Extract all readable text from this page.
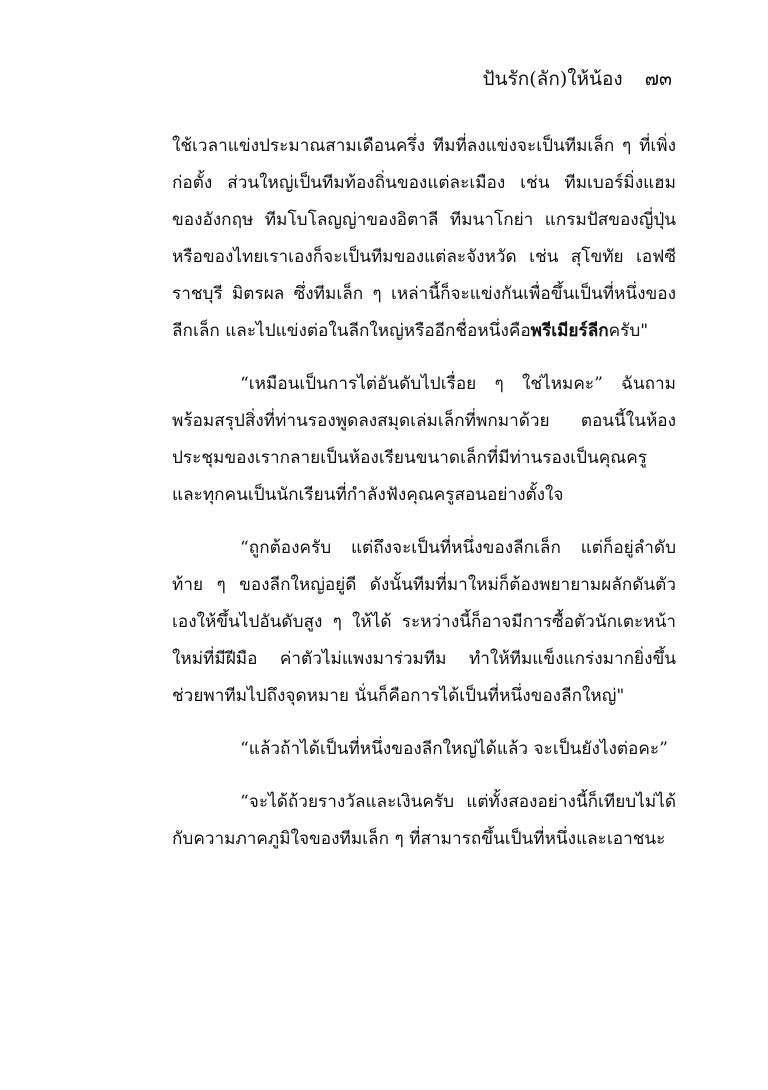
ปันรัก(ลัก)ให้น้อง ๗๓

ใช้เวลาแข่งประมาณสามเดือนครึ่ง ทีมที่ลงแข่งจะเป็นทีมเล็ก ๆ ที่เพิ่งก่อตั้ง ส่วนใหญ่เป็นทีมท้องถิ่นของแต่ละเมือง เช่น ทีมเบอร์มิ่งแฮมของอังกฤษ ทีมโบโลญญ่าของอิตาลี ทีมนาโกย่า แกรมปัสของญี่ปุ่น หรือของไทยเราเองก็จะเป็นทีมของแต่ละจังหวัด เช่น สุโขทัย เอฟซี ราชบุรี มิตรผล ซึ่งทีมเล็ก ๆ เหล่านี้ก็จะแข่งกันเพื่อขึ้นเป็นที่หนึ่งของลีกเล็ก และไปแข่งต่อในลีกใหญ่หรืออีกชื่อหนึ่งคือพรีเมียร์ลีกครับ"

“เหมือนเป็นการไต่อันดับไปเรื่อย ๆ ใช่ไหมคะ” ฉันถามพร้อมสรุปสิ่งที่ท่านรองพูดลงสมุดเล่มเล็กที่พกมาด้วย ตอนนี้ในห้องประชุมของเรากลายเป็นห้องเรียนขนาดเล็กที่มีท่านรองเป็นคุณครู และทุกคนเป็นนักเรียนที่กำลังฟังคุณครูสอนอย่างตั้งใจ

“ถูกต้องครับ แต่ถึงจะเป็นที่หนึ่งของลีกเล็ก แต่ก็อยู่ลำดับท้าย ๆ ของลีกใหญ่อยู่ดี ดังนั้นทีมที่มาใหม่ก็ต้องพยายามผลักดันตัวเองให้ขึ้นไปอันดับสูง ๆ ให้ได้ ระหว่างนี้ก็อาจมีการซื้อตัวนักเตะหน้าใหม่ที่มีฝีมือ ค่าตัวไม่แพงมาร่วมทีม ทำให้ทีมแข็งแกร่งมากยิ่งขึ้น ช่วยพาทีมไปถึงจุดหมาย นั่นก็คือการได้เป็นที่หนึ่งของลีกใหญ่"

“แล้วถ้าได้เป็นที่หนึ่งของลีกใหญ่ได้แล้ว จะเป็นยังไงต่อคะ”

“จะได้ถ้วยรางวัลและเงินครับ แต่ทั้งสองอย่างนี้ก็เทียบไม่ได้กับความภาคภูมิใจของทีมเล็ก ๆ ที่สามารถขึ้นเป็นที่หนึ่งและเอาชนะ
